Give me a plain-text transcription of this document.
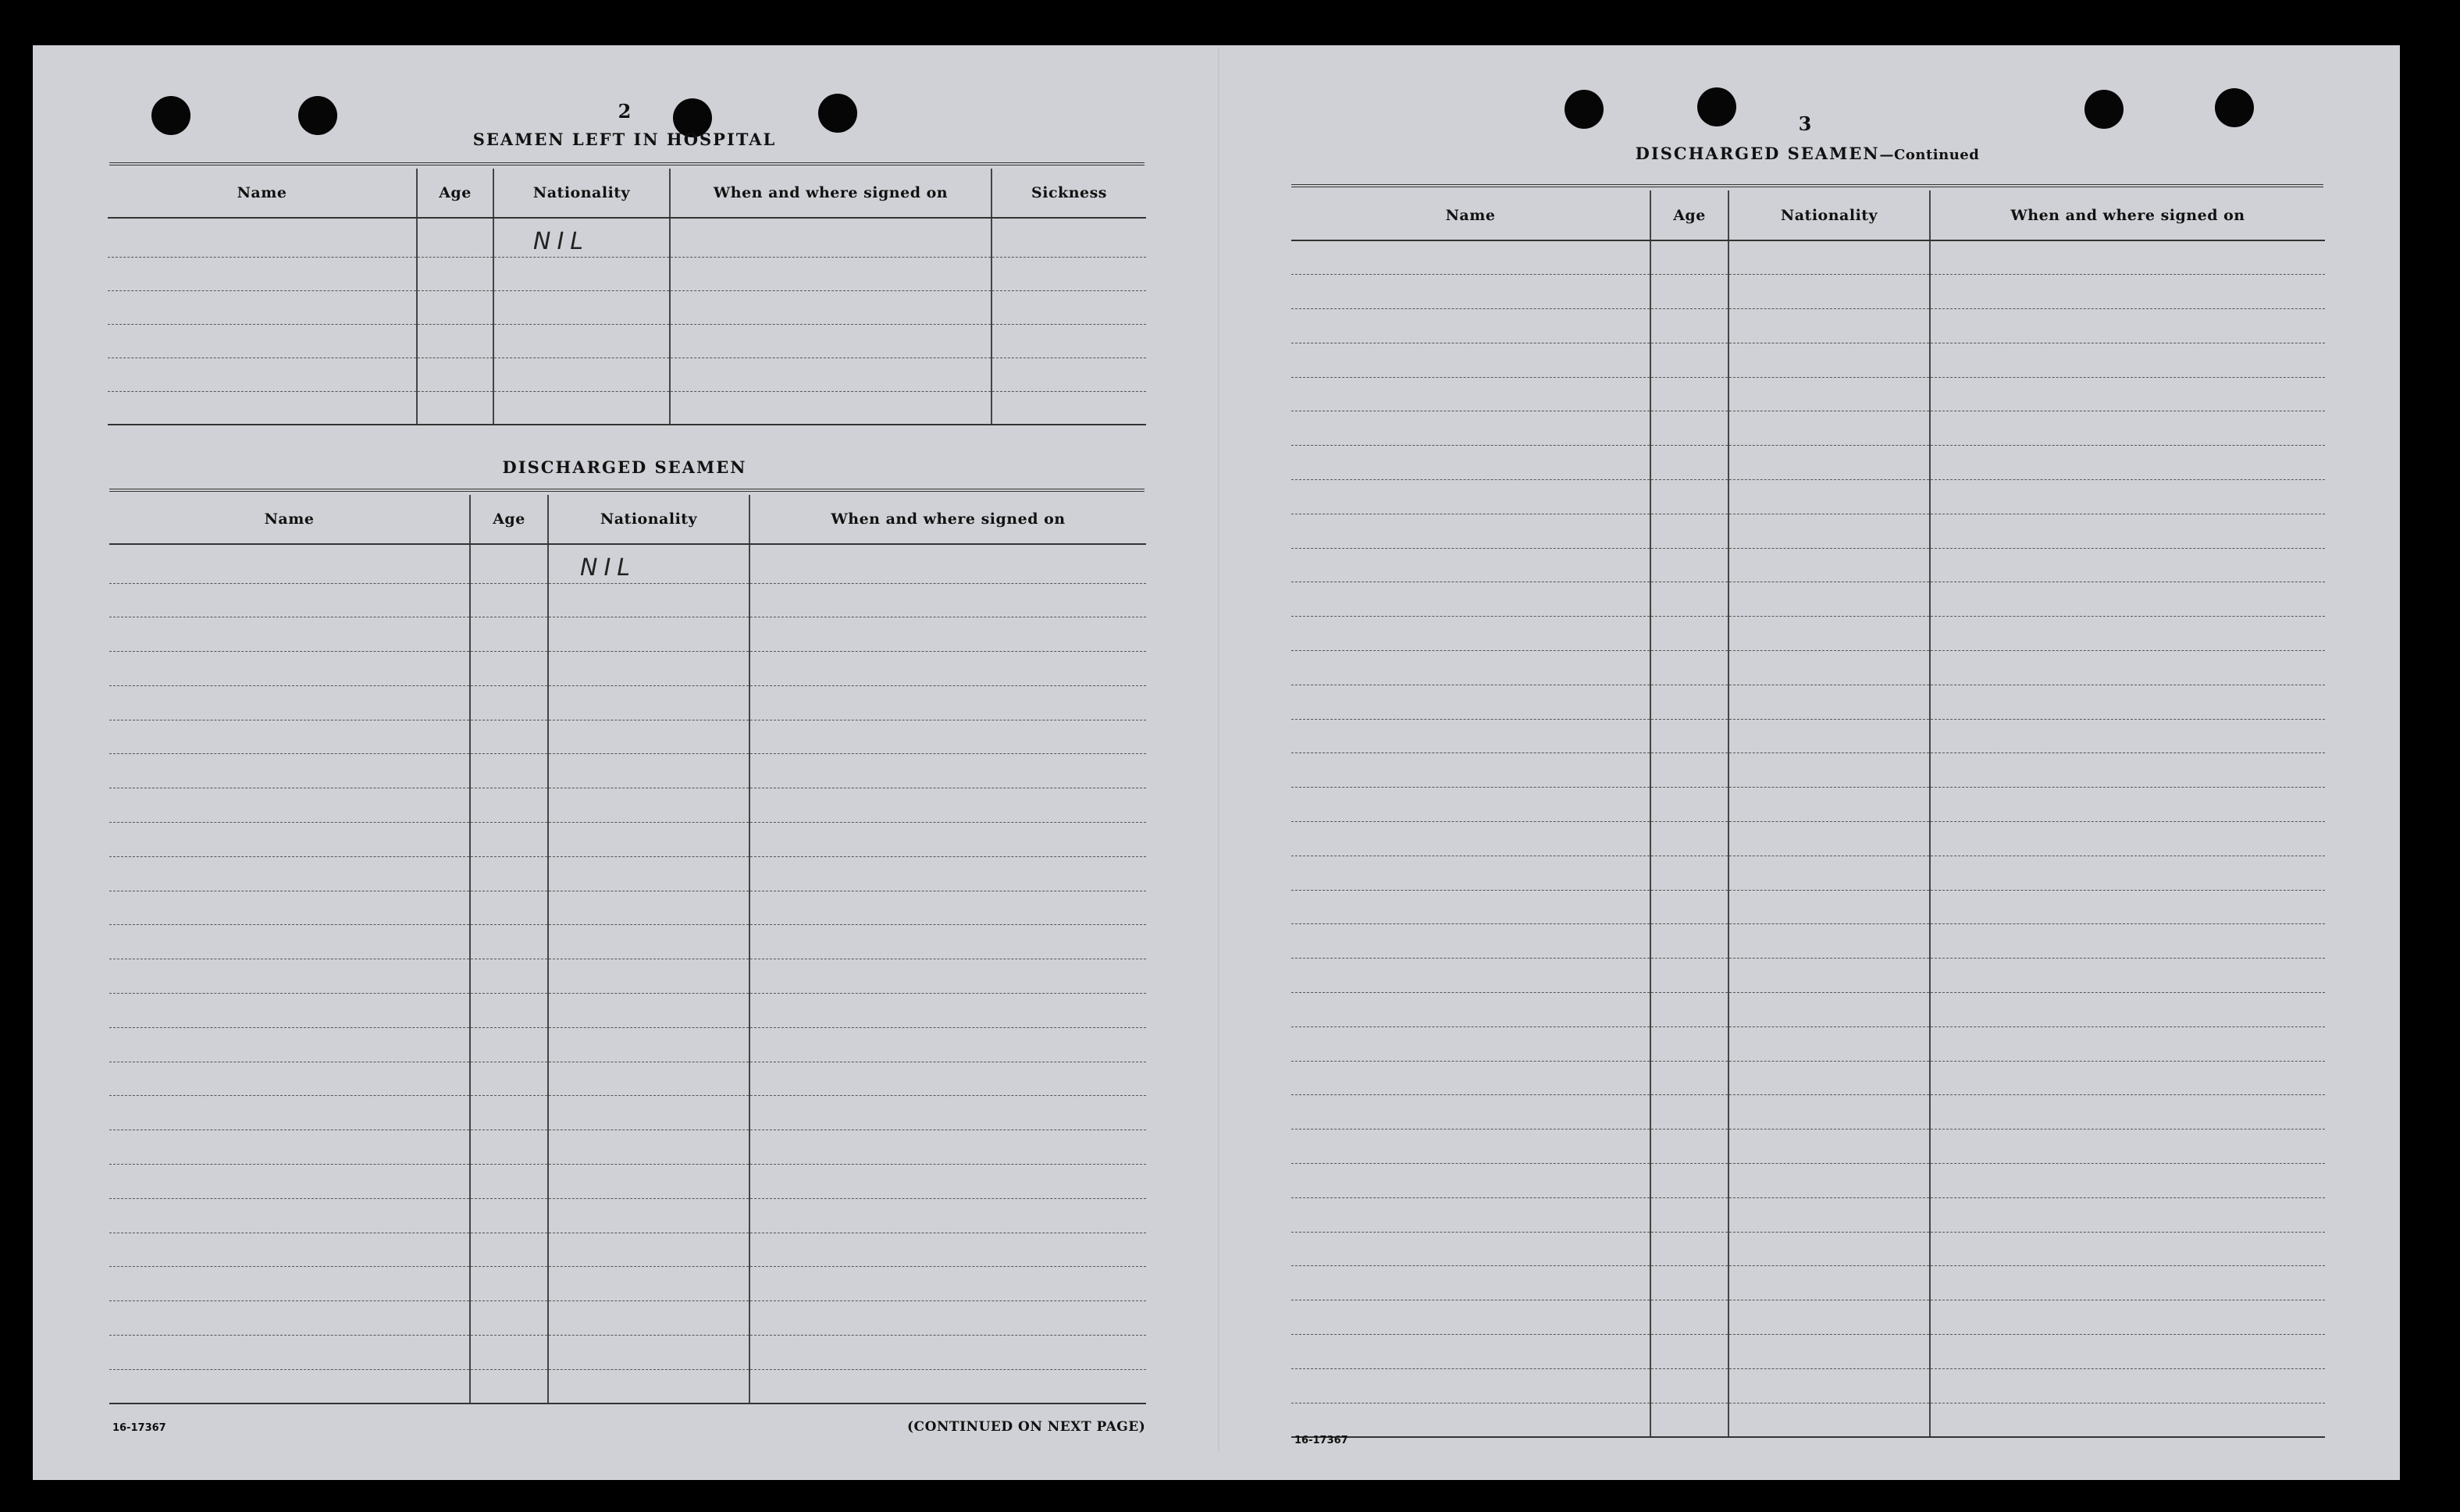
2
SEAMEN LEFT IN HOSPITAL
Name	Age	Nationality	When and where signed on	Sickness
		NIL		

DISCHARGED SEAMEN
Name	Age	Nationality	When and where signed on
		NIL	

16-17367	(CONTINUED ON NEXT PAGE)
3
DISCHARGED SEAMEN—Continued
Name	Age	Nationality	When and where signed on

16-17367
